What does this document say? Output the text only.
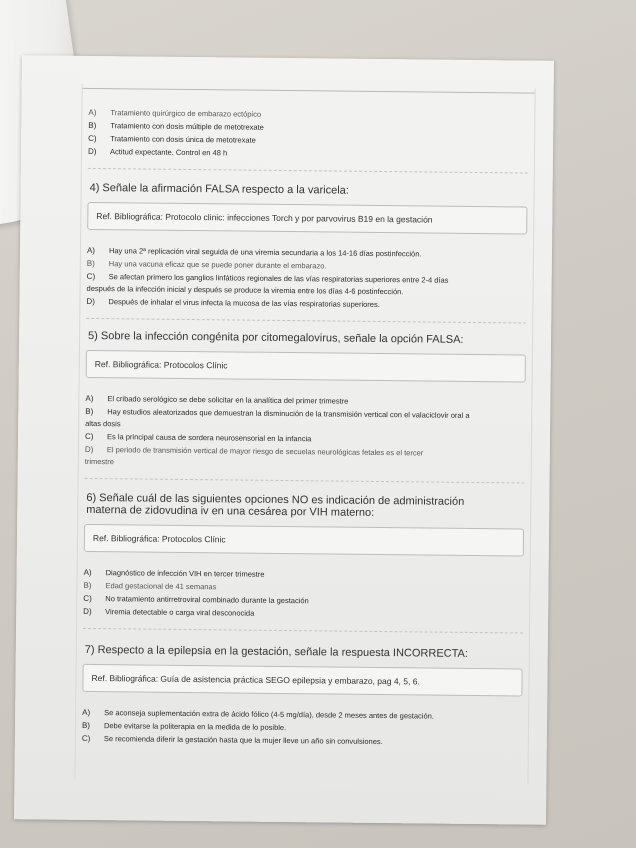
A)	Tratamiento quirúrgico de embarazo ectópico
B)	Tratamiento con dosis múltiple de metotrexate
C)	Tratamiento con dosis única de metotrexate
D)	Actitud expectante. Control en 48 h
4) Señale la afirmación FALSA respecto a la varicela:
Ref. Bibliográfica: Protocolo clinic: infecciones Torch y por parvovirus B19 en la gestación
A)	Hay una 2ª replicación viral seguida de una viremia secundaria a los 14-16 días postinfección.
B)	Hay una vacuna eficaz que se puede poner durante el embarazo.
C)	Se afectan primero los ganglios linfáticos regionales de las vías respiratorias superiores entre 2-4 días
después de la infección inicial y después se produce la viremia entre los días 4-6 postinfección.
D)	Después de inhalar el virus infecta la mucosa de las vías respiratorias superiores.
5) Sobre la infección congénita por citomegalovirus, señale la opción FALSA:
Ref. Bibliográfica: Protocolos Clínic
A)	El cribado serológico se debe solicitar en la analítica del primer trimestre
B)	Hay estudios aleatorizados que demuestran la disminución de la transmisión vertical con el valaciclovir oral a
altas dosis
C)	Es la principal causa de sordera neurosensorial en la infancia
D)	El periodo de transmisión vertical de mayor riesgo de secuelas neurológicas fetales es el tercer
trimestre
6) Señale cuál de las siguientes opciones NO es indicación de administración
materna de zidovudina iv en una cesárea por VIH materno:
Ref. Bibliográfica: Protocolos Clínic
A)	Diagnóstico de infección VIH en tercer trimestre
B)	Edad gestacional de 41 semanas
C)	No tratamiento antirretroviral combinado durante la gestación
D)	Viremia detectable o carga viral desconocida
7) Respecto a la epilepsia en la gestación, señale la respuesta INCORRECTA:
Ref. Bibliográfica: Guía de asistencia práctica SEGO epilepsia y embarazo, pag 4, 5, 6.
A)	Se aconseja suplementación extra de ácido fólico (4-5 mg/día), desde 2 meses antes de gestación.
B)	Debe evitarse la politerapia en la medida de lo posible.
C)	Se recomienda diferir la gestación hasta que la mujer lleve un año sin convulsiones.
